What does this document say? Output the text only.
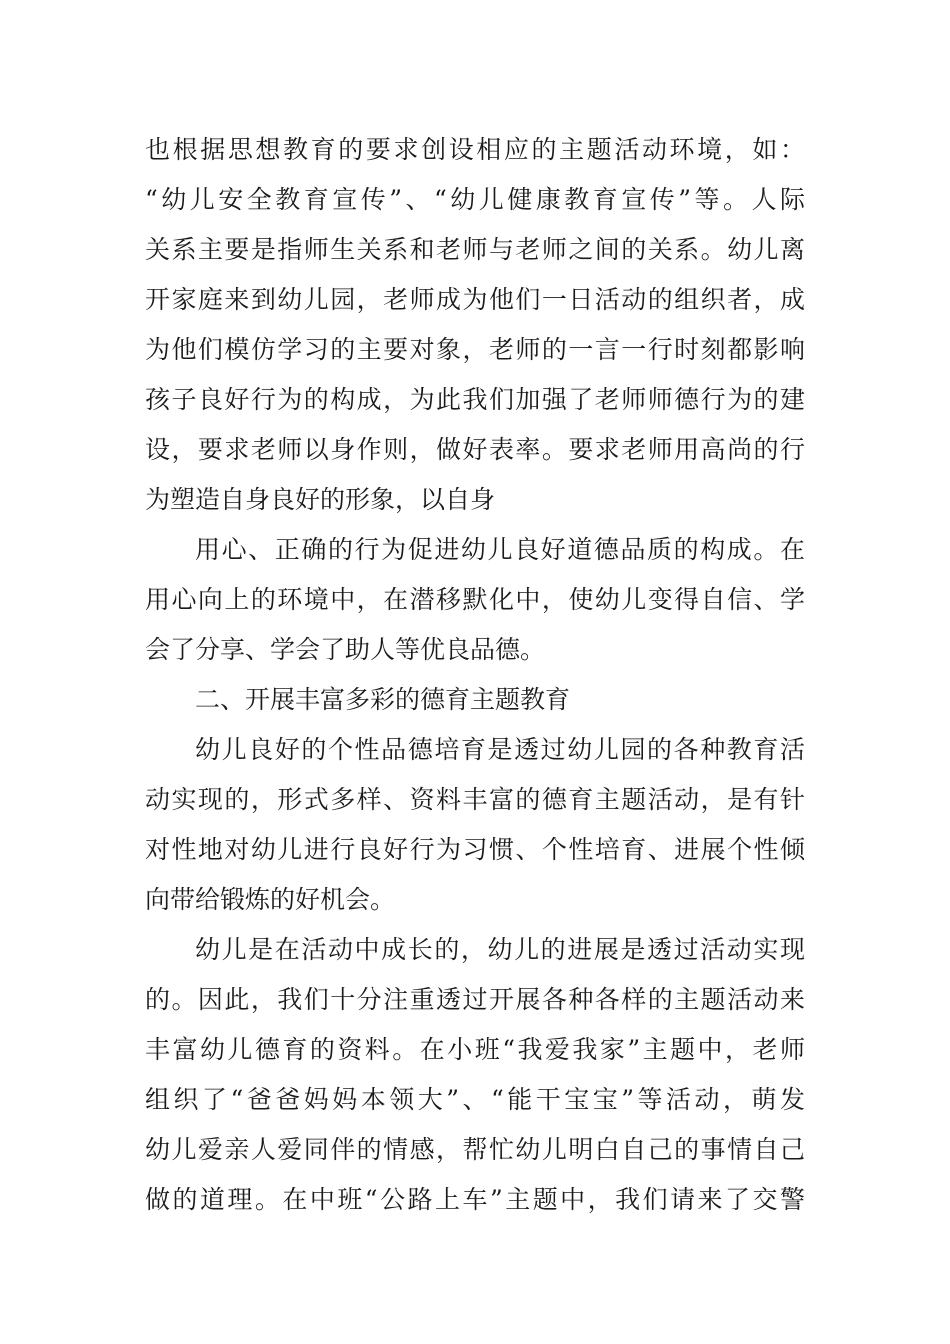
也根据思想教育的要求创设相应的主题活动环境，如：
“幼儿安全教育宣传”、“幼儿健康教育宣传”等。人际
关系主要是指师生关系和老师与老师之间的关系。幼儿离
开家庭来到幼儿园，老师成为他们一日活动的组织者，成
为他们模仿学习的主要对象，老师的一言一行时刻都影响
孩子良好行为的构成，为此我们加强了老师师德行为的建
设，要求老师以身作则，做好表率。要求老师用高尚的行
为塑造自身良好的形象，以自身
用心、正确的行为促进幼儿良好道德品质的构成。在
用心向上的环境中，在潜移默化中，使幼儿变得自信、学
会了分享、学会了助人等优良品德。
二、开展丰富多彩的德育主题教育
幼儿良好的个性品德培育是透过幼儿园的各种教育活
动实现的，形式多样、资料丰富的德育主题活动，是有针
对性地对幼儿进行良好行为习惯、个性培育、进展个性倾
向带给锻炼的好机会。
幼儿是在活动中成长的，幼儿的进展是透过活动实现
的。因此，我们十分注重透过开展各种各样的主题活动来
丰富幼儿德育的资料。在小班“我爱我家”主题中，老师
组织了“爸爸妈妈本领大”、“能干宝宝”等活动，萌发
幼儿爱亲人爱同伴的情感，帮忙幼儿明白自己的事情自己
做的道理。在中班“公路上车”主题中，我们请来了交警
